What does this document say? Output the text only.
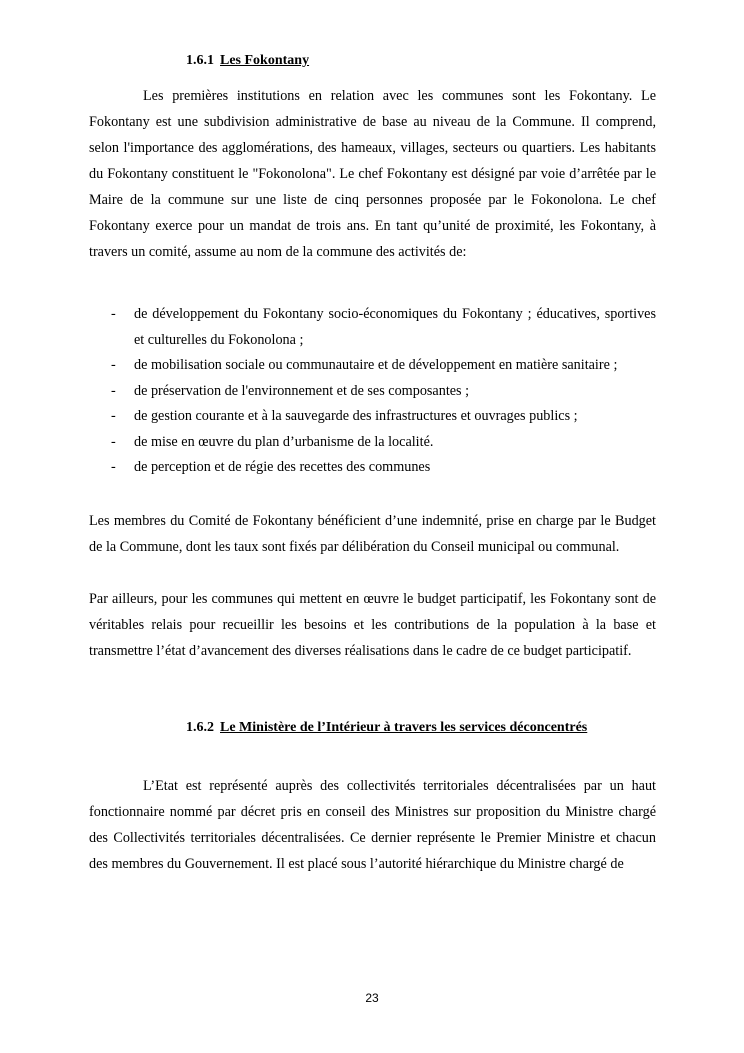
1.6.1 Les Fokontany

Les premières institutions en relation avec les communes sont les Fokontany. Le Fokontany est une subdivision administrative de base au niveau de la Commune. Il comprend, selon l'importance des agglomérations, des hameaux, villages, secteurs ou quartiers. Les habitants du Fokontany constituent le "Fokonolona". Le chef Fokontany est désigné par voie d’arrêtée par le Maire de la commune sur une liste de cinq personnes proposée par le Fokonolona. Le chef Fokontany exerce pour un mandat de trois ans. En tant qu’unité de proximité, les Fokontany, à travers un comité, assume au nom de la commune des activités de:

- de développement du Fokontany socio-économiques du Fokontany ; éducatives, sportives et culturelles du Fokonolona ;
- de mobilisation sociale ou communautaire et de développement en matière sanitaire ;
- de préservation de l'environnement et de ses composantes ;
- de gestion courante et à la sauvegarde des infrastructures et ouvrages publics ;
- de mise en œuvre du plan d’urbanisme de la localité.
- de perception et de régie des recettes des communes

Les membres du Comité de Fokontany bénéficient d’une indemnité, prise en charge par le Budget de la Commune, dont les taux sont fixés par délibération du Conseil municipal ou communal.

Par ailleurs, pour les communes qui mettent en œuvre le budget participatif, les Fokontany sont de véritables relais pour recueillir les besoins et les contributions de la population à la base et transmettre l’état d’avancement des diverses réalisations dans le cadre de ce budget participatif.

1.6.2 Le Ministère de l’Intérieur à travers les services déconcentrés

L’Etat est représenté auprès des collectivités territoriales décentralisées par un haut fonctionnaire nommé par décret pris en conseil des Ministres sur proposition du Ministre chargé des Collectivités territoriales décentralisées. Ce dernier représente le Premier Ministre et chacun des membres du Gouvernement. Il est placé sous l’autorité hiérarchique du Ministre chargé de

23
